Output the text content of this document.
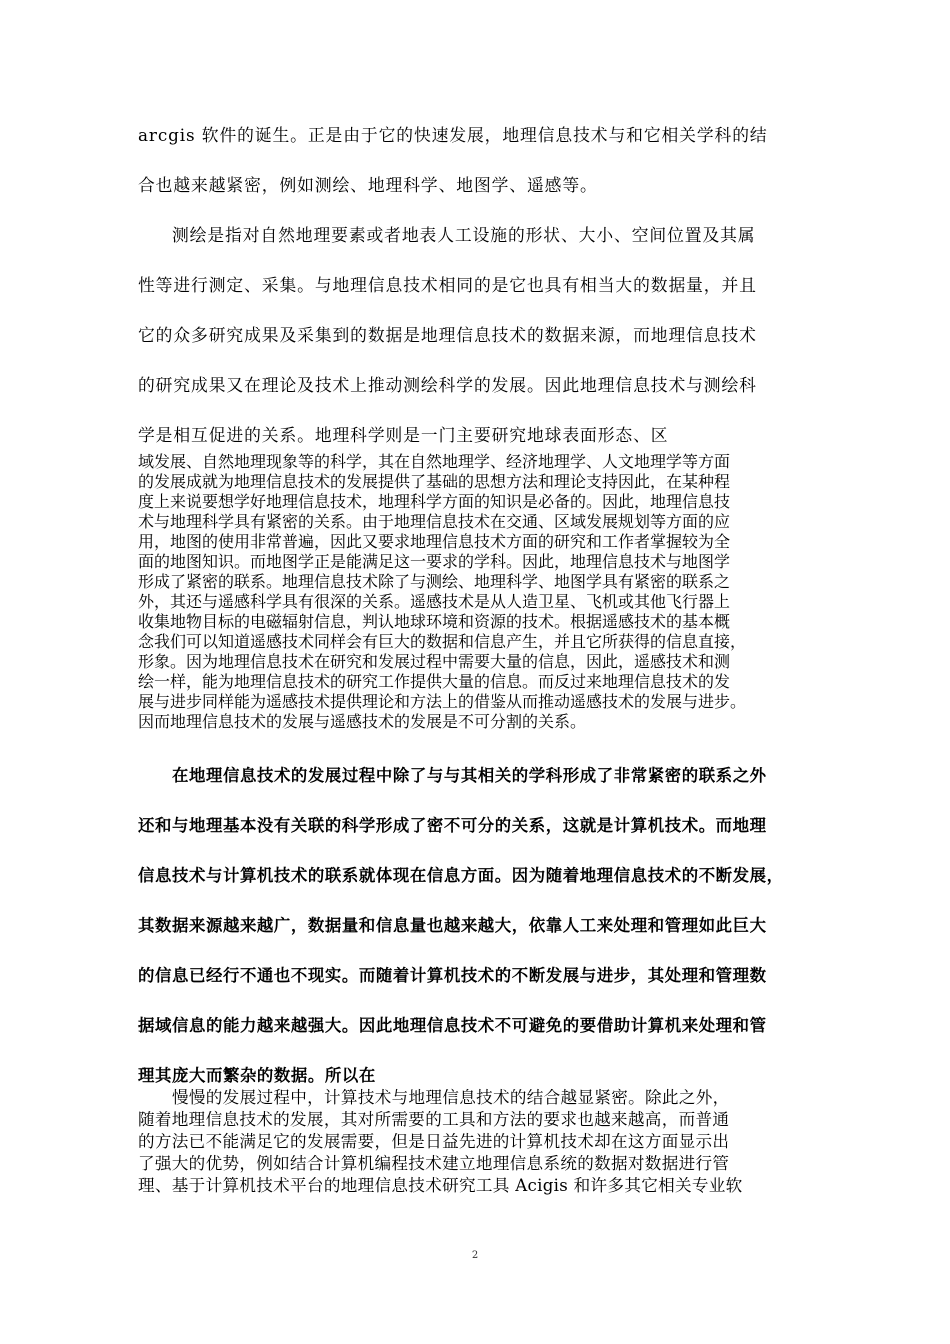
arcgis 软件的诞生。正是由于它的快速发展，地理信息技术与和它相关学科的结
合也越来越紧密，例如测绘、地理科学、地图学、遥感等。
测绘是指对自然地理要素或者地表人工设施的形状、大小、空间位置及其属
性等进行测定、采集。与地理信息技术相同的是它也具有相当大的数据量，并且
它的众多研究成果及采集到的数据是地理信息技术的数据来源，而地理信息技术
的研究成果又在理论及技术上推动测绘科学的发展。因此地理信息技术与测绘科
学是相互促进的关系。地理科学则是一门主要研究地球表面形态、区
域发展、自然地理现象等的科学，其在自然地理学、经济地理学、人文地理学等方面
的发展成就为地理信息技术的发展提供了基础的思想方法和理论支持因此，在某种程
度上来说要想学好地理信息技术，地理科学方面的知识是必备的。因此，地理信息技
术与地理科学具有紧密的关系。由于地理信息技术在交通、区域发展规划等方面的应
用，地图的使用非常普遍，因此又要求地理信息技术方面的研究和工作者掌握较为全
面的地图知识。而地图学正是能满足这一要求的学科。因此，地理信息技术与地图学
形成了紧密的联系。地理信息技术除了与测绘、地理科学、地图学具有紧密的联系之
外，其还与遥感科学具有很深的关系。遥感技术是从人造卫星、飞机或其他飞行器上
收集地物目标的电磁辐射信息，判认地球环境和资源的技术。根据遥感技术的基本概
念我们可以知道遥感技术同样会有巨大的数据和信息产生，并且它所获得的信息直接，
形象。因为地理信息技术在研究和发展过程中需要大量的信息，因此，遥感技术和测
绘一样，能为地理信息技术的研究工作提供大量的信息。而反过来地理信息技术的发
展与进步同样能为遥感技术提供理论和方法上的借鉴从而推动遥感技术的发展与进步。
因而地理信息技术的发展与遥感技术的发展是不可分割的关系。
在地理信息技术的发展过程中除了与与其相关的学科形成了非常紧密的联系之外
还和与地理基本没有关联的科学形成了密不可分的关系，这就是计算机技术。而地理
信息技术与计算机技术的联系就体现在信息方面。因为随着地理信息技术的不断发展，
其数据来源越来越广，数据量和信息量也越来越大，依靠人工来处理和管理如此巨大
的信息已经行不通也不现实。而随着计算机技术的不断发展与进步，其处理和管理数
据域信息的能力越来越强大。因此地理信息技术不可避免的要借助计算机来处理和管
理其庞大而繁杂的数据。所以在
慢慢的发展过程中，计算技术与地理信息技术的结合越显紧密。除此之外，
随着地理信息技术的发展，其对所需要的工具和方法的要求也越来越高，而普通
的方法已不能满足它的发展需要，但是日益先进的计算机技术却在这方面显示出
了强大的优势，例如结合计算机编程技术建立地理信息系统的数据对数据进行管
理、基于计算机技术平台的地理信息技术研究工具 Acigis 和许多其它相关专业软
2
